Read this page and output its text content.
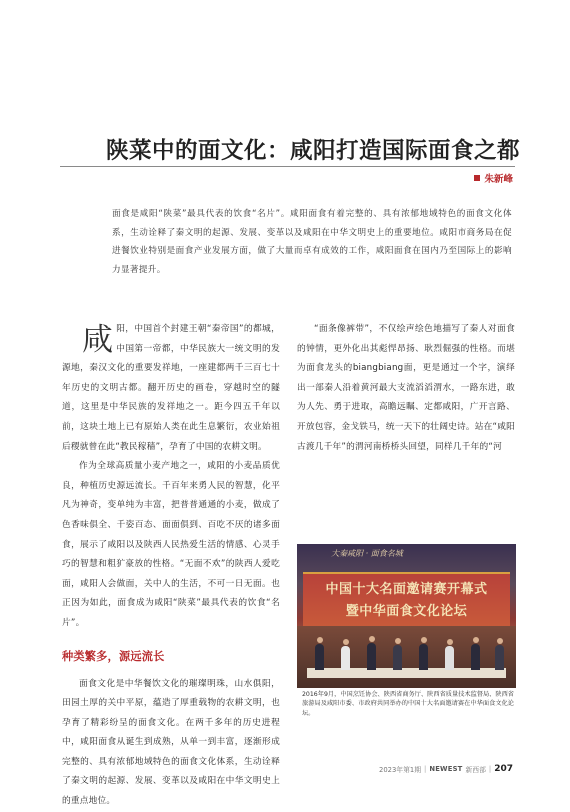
陕菜中的面文化：咸阳打造国际面食之都
朱新峰

面食是咸阳“陕菜”最具代表的饮食“名片”。咸阳面食有着完整的、具有浓郁地域特色的面食文化体系，生动诠释了秦文明的起源、发展、变革以及咸阳在中华文明史上的重要地位。咸阳市商务局在促进餐饮业特别是面食产业发展方面，做了大量而卓有成效的工作，咸阳面食在国内乃至国际上的影响力显著提升。

咸阳，中国首个封建王朝“秦帝国”的都城，中国第一帝都，中华民族大一统文明的发源地，秦汉文化的重要发祥地，一座建都两千三百七十年历史的文明古都。翻开历史的画卷，穿越时空的隧道，这里是中华民族的发祥地之一。距今四五千年以前，这块土地上已有原始人类在此生息繁衍，农业始祖后稷就曾在此“教民稼穑”，孕育了中国的农耕文明。

作为全球高质量小麦产地之一，咸阳的小麦品质优良，种植历史源远流长。千百年来勇人民的智慧，化平凡为神奇，变单纯为丰富，把普普通通的小麦，做成了色香味俱全、千姿百态、面面俱到、百吃不厌的诸多面食，展示了咸阳以及陕西人民热爱生活的情感、心灵手巧的智慧和粗犷豪放的性格。“无面不欢”的陕西人爱吃面，咸阳人会做面，关中人的生活，不可一日无面。也正因为如此，面食成为咸阳“陕菜”最具代表的饮食“名片”。

种类繁多，源远流长

面食文化是中华餐饮文化的璀璨明珠，山水俱阳，田园土厚的关中平原，蕴造了厚重载物的农耕文明，也孕育了精彩纷呈的面食文化。在两千多年的历史进程中，咸阳面食从诞生到成熟，从单一到丰富，逐渐形成完整的、具有浓郁地域特色的面食文化体系，生动诠释了秦文明的起源、发展、变革以及咸阳在中华文明史上的重点地位。

“面条像裤带”，不仅绘声绘色地描写了秦人对面食的钟情，更外化出其彪悍昂扬、耿烈倔强的性格。而堪为面食龙头的biangbiang面，更是通过一个字，演绎出一部秦人沿着黄河最大支流滔滔渭水，一路东进，敢为人先、勇于进取，高瞻远瞩、定都咸阳，广开言路、开放包容，金戈铁马，统一天下的壮阔史诗。站在“咸阳古渡几千年”的渭河南桥桥头回望，同样几千年的“河

大秦咸阳 · 面食名城
中国十大名面邀请赛开幕式
暨中华面食文化论坛

2016年9月，中国烹饪协会、陕西省商务厅、陕西省质量技术监督局、陕西省旅游局及咸阳市委、市政府共同举办的中国十大名面邀请赛在中华面食文化论坛。

2023年第1期 | NEWEST 新西部 | 207
